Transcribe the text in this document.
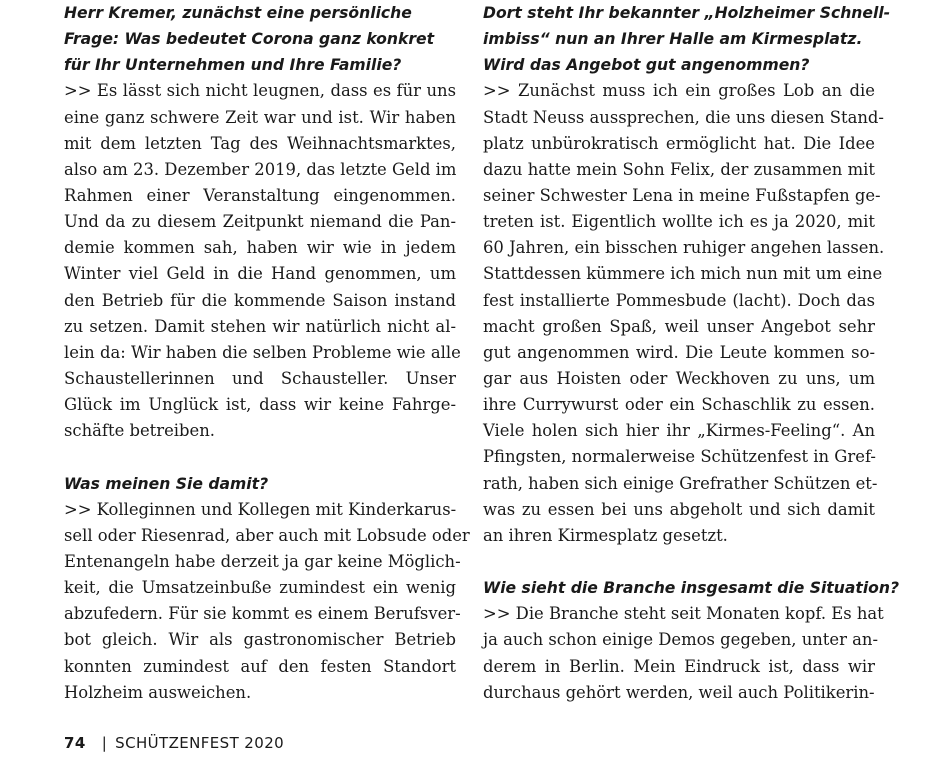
Herr Kremer, zunächst eine persönliche
Frage: Was bedeutet Corona ganz konkret
für Ihr Unternehmen und Ihre Familie?
>> Es lässt sich nicht leugnen, dass es für uns
eine ganz schwere Zeit war und ist. Wir haben
mit dem letzten Tag des Weihnachtsmarktes,
also am 23. Dezember 2019, das letzte Geld im
Rahmen einer Veranstaltung eingenommen.
Und da zu diesem Zeitpunkt niemand die Pan-
demie kommen sah, haben wir wie in jedem
Winter viel Geld in die Hand genommen, um
den Betrieb für die kommende Saison instand
zu setzen. Damit stehen wir natürlich nicht al-
lein da: Wir haben die selben Probleme wie alle
Schaustellerinnen und Schausteller. Unser
Glück im Unglück ist, dass wir keine Fahrge-
schäfte betreiben.
Was meinen Sie damit?
>> Kolleginnen und Kollegen mit Kinderkarus-
sell oder Riesenrad, aber auch mit Lobsude oder
Entenangeln habe derzeit ja gar keine Möglich-
keit, die Umsatzeinbuße zumindest ein wenig
abzufedern. Für sie kommt es einem Berufsver-
bot gleich. Wir als gastronomischer Betrieb
konnten zumindest auf den festen Standort
Holzheim ausweichen.
Dort steht Ihr bekannter „Holzheimer Schnell-
imbiss“ nun an Ihrer Halle am Kirmesplatz.
Wird das Angebot gut angenommen?
>> Zunächst muss ich ein großes Lob an die
Stadt Neuss aussprechen, die uns diesen Stand-
platz unbürokratisch ermöglicht hat. Die Idee
dazu hatte mein Sohn Felix, der zusammen mit
seiner Schwester Lena in meine Fußstapfen ge-
treten ist. Eigentlich wollte ich es ja 2020, mit
60 Jahren, ein bisschen ruhiger angehen lassen.
Stattdessen kümmere ich mich nun mit um eine
fest installierte Pommesbude (lacht). Doch das
macht großen Spaß, weil unser Angebot sehr
gut angenommen wird. Die Leute kommen so-
gar aus Hoisten oder Weckhoven zu uns, um
ihre Currywurst oder ein Schaschlik zu essen.
Viele holen sich hier ihr „Kirmes-Feeling“. An
Pfingsten, normalerweise Schützenfest in Gref-
rath, haben sich einige Grefrather Schützen et-
was zu essen bei uns abgeholt und sich damit
an ihren Kirmesplatz gesetzt.
Wie sieht die Branche insgesamt die Situation?
>> Die Branche steht seit Monaten kopf. Es hat
ja auch schon einige Demos gegeben, unter an-
derem in Berlin. Mein Eindruck ist, dass wir
durchaus gehört werden, weil auch Politikerin-
74 | SCHÜTZENFEST 2020
